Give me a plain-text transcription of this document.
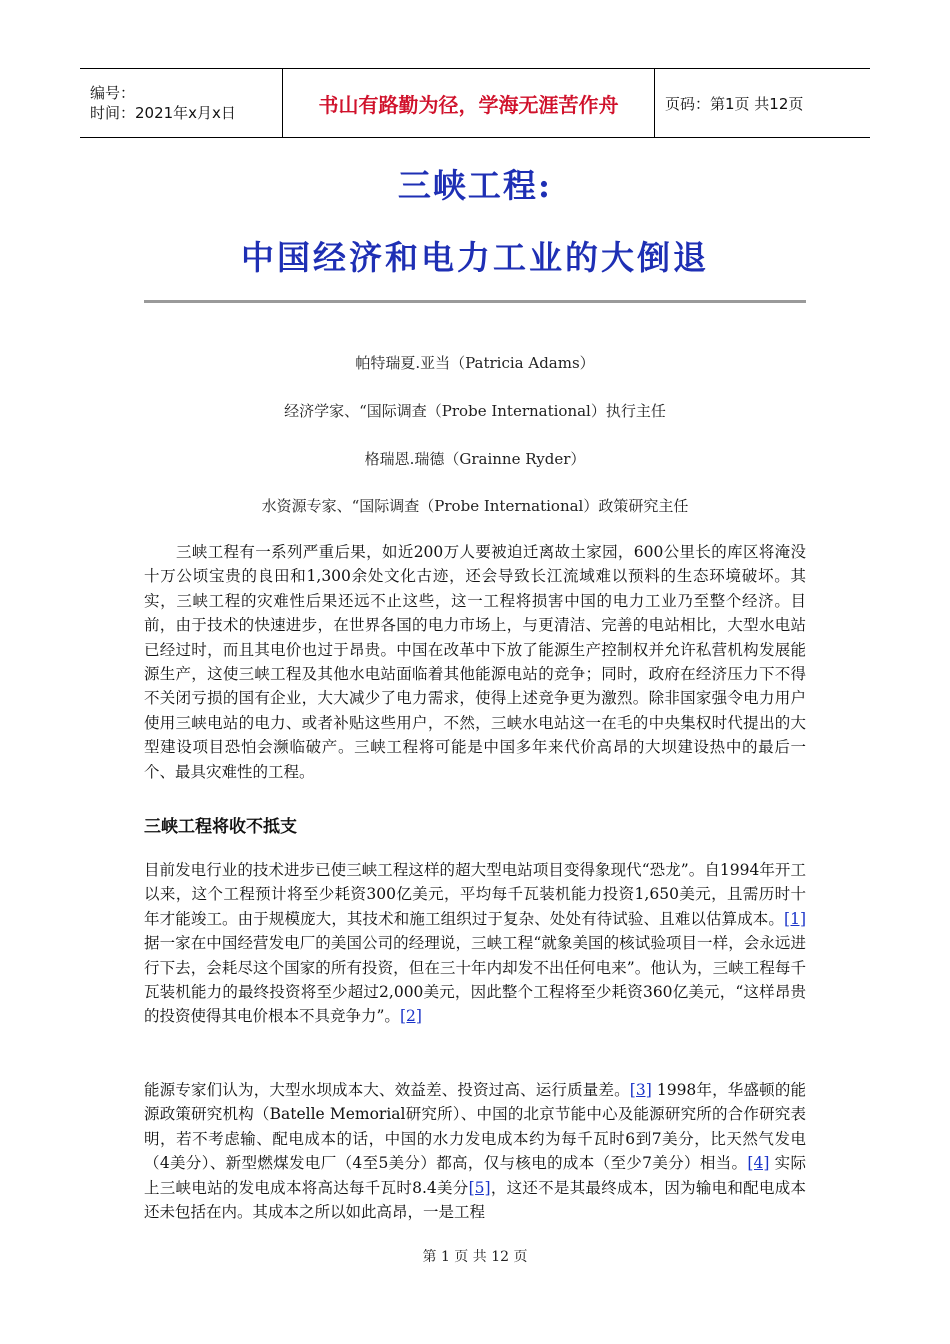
编号：
时间：2021年x月x日	书山有路勤为径，学海无涯苦作舟	页码：第1页 共12页
三峡工程:
中国经济和电力工业的大倒退
帕特瑞夏.亚当（Patricia Adams）
经济学家、“国际调查（Probe International）执行主任
格瑞恩.瑞德（Grainne Ryder）
水资源专家、“国际调查（Probe International）政策研究主任

三峡工程有一系列严重后果，如近200万人要被迫迁离故土家园，600公里长的库区将淹没十万公顷宝贵的良田和1,300余处文化古迹，还会导致长江流域难以预料的生态环境破坏。其实，三峡工程的灾难性后果还远不止这些，这一工程将损害中国的电力工业乃至整个经济。目前，由于技术的快速进步，在世界各国的电力市场上，与更清洁、完善的电站相比，大型水电站已经过时，而且其电价也过于昂贵。中国在改革中下放了能源生产控制权并允许私营机构发展能源生产，这使三峡工程及其他水电站面临着其他能源电站的竞争；同时，政府在经济压力下不得不关闭亏损的国有企业，大大减少了电力需求，使得上述竞争更为激烈。除非国家强令电力用户使用三峡电站的电力、或者补贴这些用户，不然，三峡水电站这一在毛的中央集权时代提出的大型建设项目恐怕会濒临破产。三峡工程将可能是中国多年来代价高昂的大坝建设热中的最后一个、最具灾难性的工程。

三峡工程将收不抵支

目前发电行业的技术进步已使三峡工程这样的超大型电站项目变得象现代“恐龙”。自1994年开工以来，这个工程预计将至少耗资300亿美元，平均每千瓦装机能力投资1,650美元，且需历时十年才能竣工。由于规模庞大，其技术和施工组织过于复杂、处处有待试验、且难以估算成本。[1] 据一家在中国经营发电厂的美国公司的经理说，三峡工程“就象美国的核试验项目一样，会永远进行下去，会耗尽这个国家的所有投资，但在三十年内却发不出任何电来”。他认为，三峡工程每千瓦装机能力的最终投资将至少超过2,000美元，因此整个工程将至少耗资360亿美元，“这样昂贵的投资使得其电价根本不具竞争力”。[2]

能源专家们认为，大型水坝成本大、效益差、投资过高、运行质量差。[3] 1998年，华盛顿的能源政策研究机构（Batelle Memorial研究所）、中国的北京节能中心及能源研究所的合作研究表明，若不考虑输、配电成本的话，中国的水力发电成本约为每千瓦时6到7美分，比天然气发电（4美分）、新型燃煤发电厂（4至5美分）都高，仅与核电的成本（至少7美分）相当。[4] 实际上三峡电站的发电成本将高达每千瓦时8.4美分[5]，这还不是其最终成本，因为输电和配电成本还未包括在内。其成本之所以如此高昂，一是工程

第 1 页 共 12 页
